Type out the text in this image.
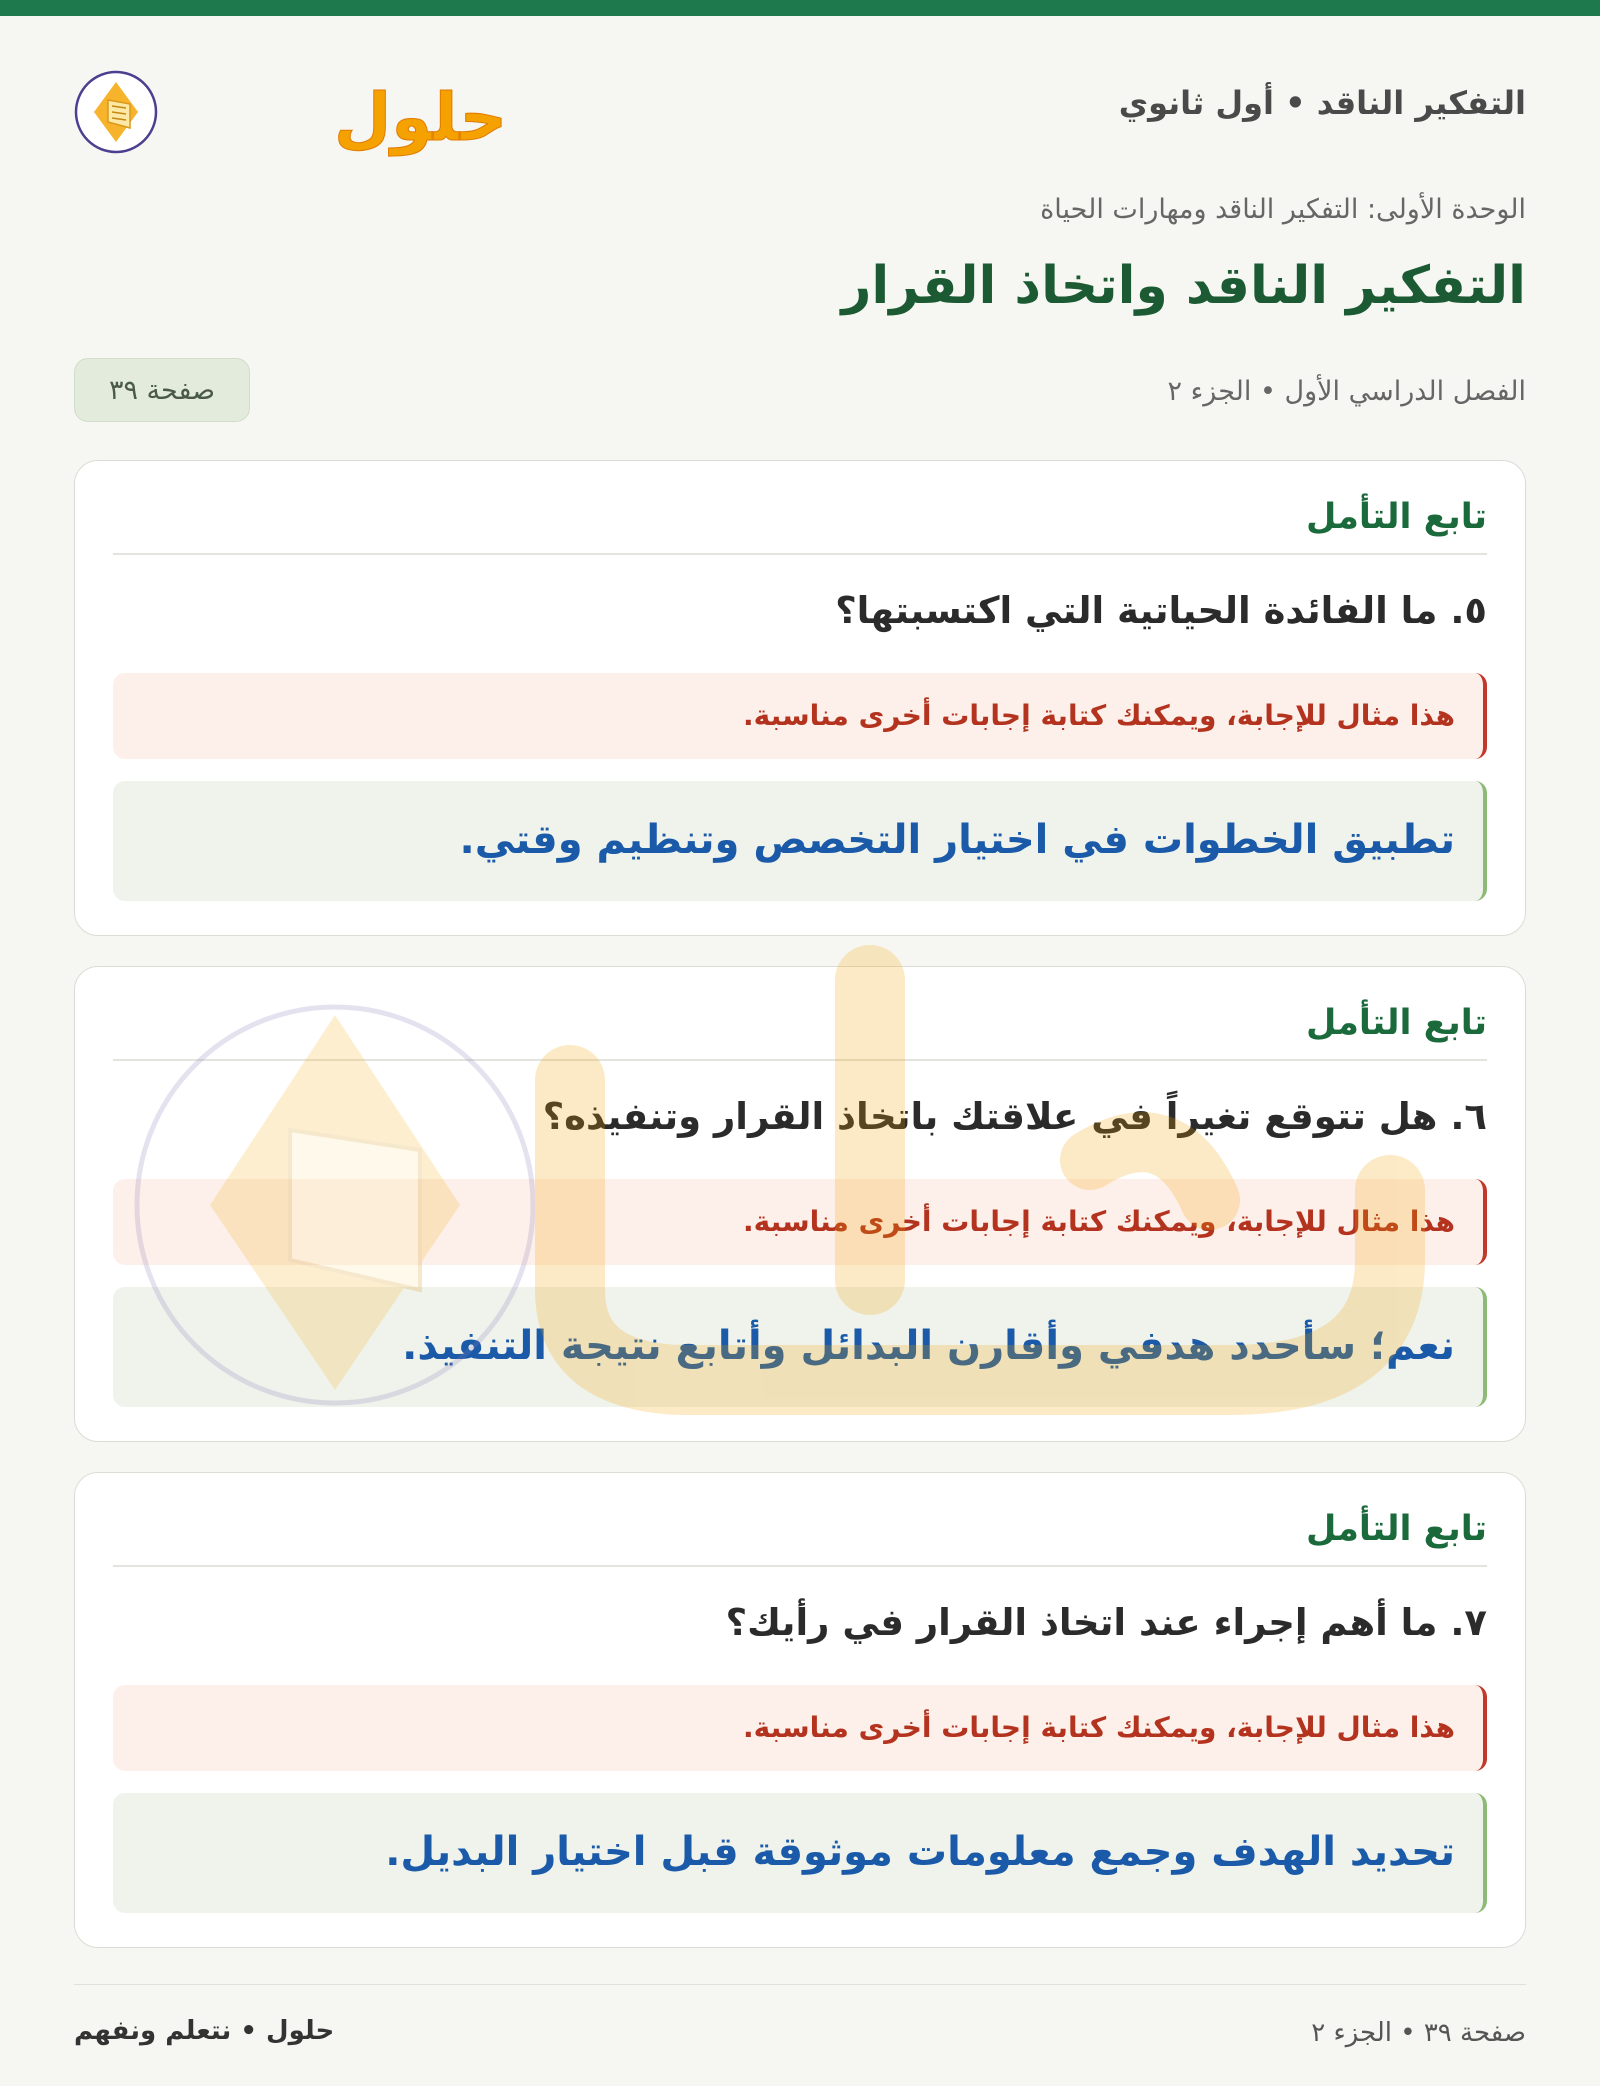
التفكير الناقد • أول ثانوي
حلول
الوحدة الأولى: التفكير الناقد ومهارات الحياة
التفكير الناقد واتخاذ القرار
الفصل الدراسي الأول • الجزء ٢
صفحة ٣٩
تابع التأمل
٥. ما الفائدة الحياتية التي اكتسبتها؟
هذا مثال للإجابة، ويمكنك كتابة إجابات أخرى مناسبة.
تطبيق الخطوات في اختيار التخصص وتنظيم وقتي.
تابع التأمل
٦. هل تتوقع تغيراً في علاقتك باتخاذ القرار وتنفيذه؟
هذا مثال للإجابة، ويمكنك كتابة إجابات أخرى مناسبة.
نعم؛ سأحدد هدفي وأقارن البدائل وأتابع نتيجة التنفيذ.
تابع التأمل
٧. ما أهم إجراء عند اتخاذ القرار في رأيك؟
هذا مثال للإجابة، ويمكنك كتابة إجابات أخرى مناسبة.
تحديد الهدف وجمع معلومات موثوقة قبل اختيار البديل.
صفحة ٣٩ • الجزء ٢
حلول • نتعلم ونفهم
